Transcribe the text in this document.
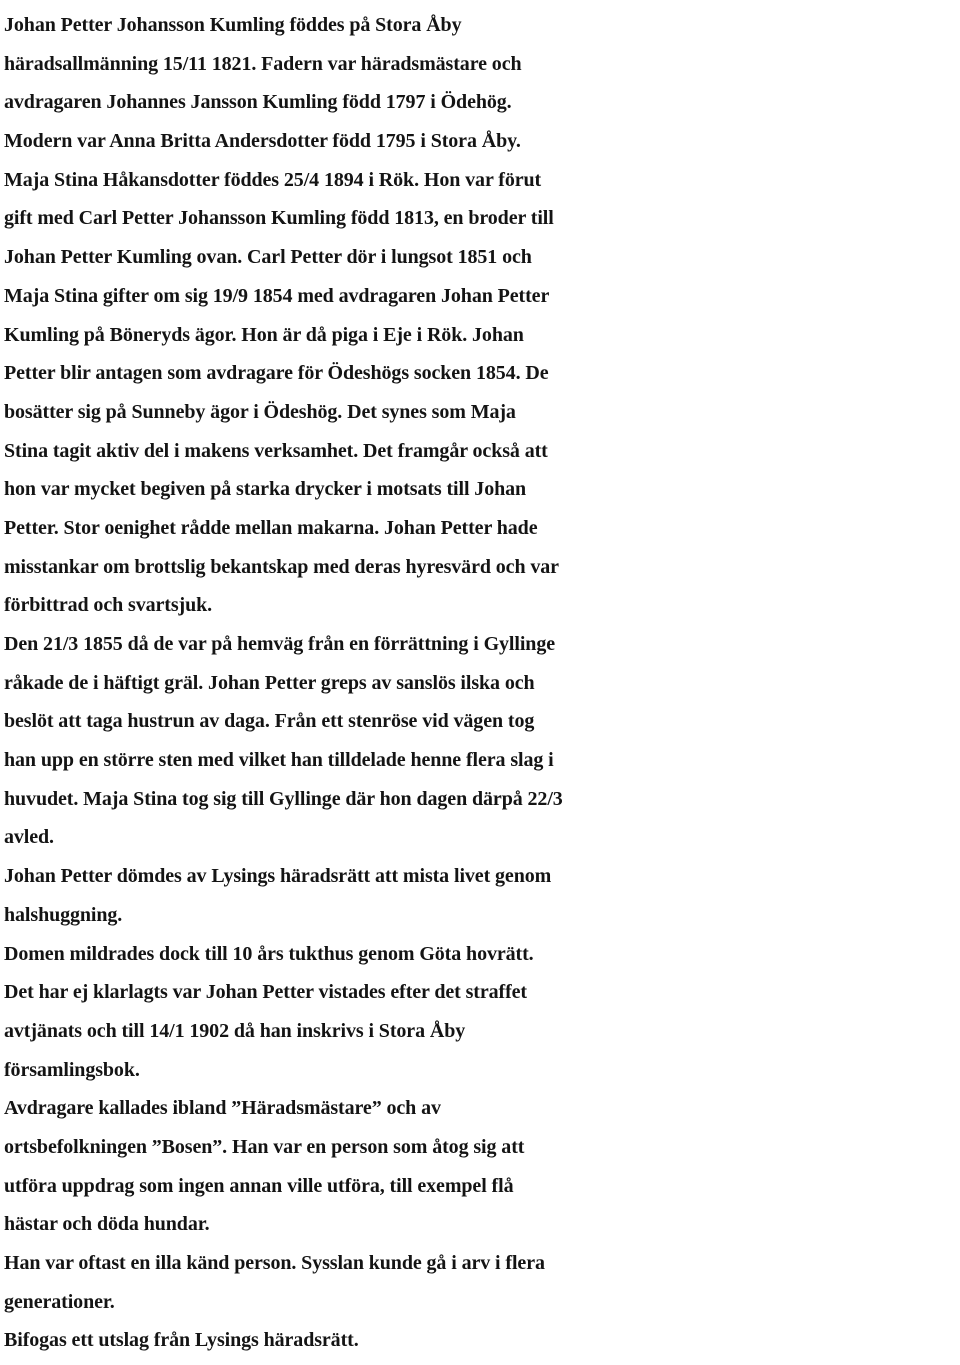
Johan Petter Johansson Kumling föddes på Stora Åby
häradsallmänning 15/11 1821. Fadern var häradsmästare och
avdragaren Johannes Jansson Kumling född 1797 i Ödehög.
Modern var Anna Britta Andersdotter född 1795 i Stora Åby.
Maja Stina Håkansdotter föddes 25/4 1894 i Rök. Hon var förut
gift med Carl Petter Johansson Kumling född 1813, en broder till
Johan Petter Kumling ovan. Carl Petter dör i lungsot 1851 och
Maja Stina gifter om sig 19/9 1854 med avdragaren Johan Petter
Kumling på Böneryds ägor. Hon är då piga i Eje i Rök. Johan
Petter blir antagen som avdragare för Ödeshögs socken 1854. De
bosätter sig på Sunneby ägor i Ödeshög. Det synes som Maja
Stina tagit aktiv del i makens verksamhet. Det framgår också att
hon var mycket begiven på starka drycker i motsats till Johan
Petter. Stor oenighet rådde mellan makarna. Johan Petter hade
misstankar om brottslig bekantskap med deras hyresvärd och var
förbittrad och svartsjuk.
Den 21/3 1855 då de var på hemväg från en förrättning i Gyllinge
råkade de i häftigt gräl. Johan Petter greps av sanslös ilska och
beslöt att taga hustrun av daga. Från ett stenröse vid vägen tog
han upp en större sten med vilket han tilldelade henne flera slag i
huvudet. Maja Stina tog sig till Gyllinge där hon dagen därpå 22/3
avled.
Johan Petter dömdes av Lysings häradsrätt att mista livet genom
halshuggning.
Domen mildrades dock till 10 års tukthus genom Göta hovrätt.
Det har ej klarlagts var Johan Petter vistades efter det straffet
avtjänats och till 14/1 1902 då han inskrivs i Stora Åby
församlingsbok.
Avdragare kallades ibland ”Häradsmästare” och av
ortsbefolkningen ”Bosen”. Han var en person som åtog sig att
utföra uppdrag som ingen annan ville utföra, till exempel flå
hästar och döda hundar.
Han var oftast en illa känd person. Sysslan kunde gå i arv i flera
generationer.
Bifogas ett utslag från Lysings häradsrätt.
